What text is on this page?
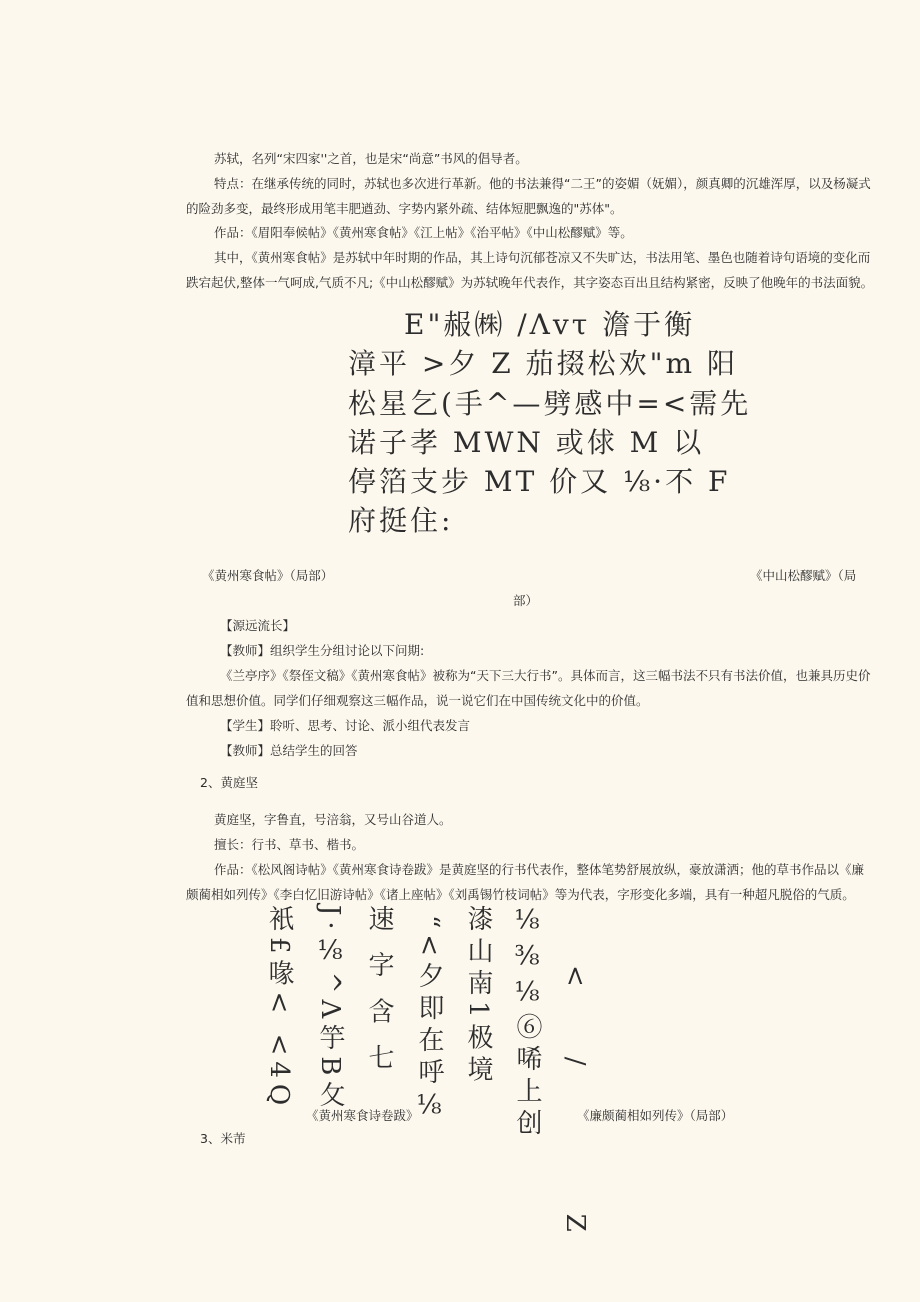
苏轼，名列“宋四家''之首，也是宋“尚意”书风的倡导者。
特点：在继承传统的同时，苏轼也多次进行革新。他的书法兼得“二王”的姿媚（妩媚），颜真卿的沉雄浑厚，以及杨凝式的险劲多变，最终形成用笔丰肥遒劲、字势内紧外疏、结体短肥飘逸的"苏体"。
作品：《眉阳奉候帖》《黄州寒食帖》《江上帖》《治平帖》《中山松醪赋》等。
其中，《黄州寒食帖》是苏轼中年时期的作品，其上诗句沉郁苍凉又不失旷达，书法用笔、墨色也随着诗句语境的变化而跌宕起伏,整体一气呵成,气质不凡;《中山松醪赋》为苏轼晚年代表作，其字姿态百出且结构紧密，反映了他晚年的书法面貌。
E"赧㈱ /Λvτ 澹于衡
漳平 >夕 Z 茄掇松欢"m 阳
松星乞(手^—劈感中=<需先
诺子孝 MWN 或俅 M 以
停箔支步 MT 价又 ⅛·不 F
府挺住:
《黄州寒食帖》（局部）	《中山松醪赋》（局
部）
【源远流长】
【教师】组织学生分组讨论以下问期:
《兰亭序》《祭侄文稿》《黄州寒食帖》被称为“天下三大行书”。具体而言，这三幅书法不只有书法价值，也兼具历史价值和思想价值。同学们仔细观察这三幅作品，说一说它们在中国传统文化中的价值。
【学生】聆听、思考、讨论、派小组代表发言
【教师】总结学生的回答
2、黄庭坚
黄庭坚，字鲁直，号涪翁，又号山谷道人。
擅长：行书、草书、楷书。
作品：《松风阁诗帖》《黄州寒食诗卷跋》是黄庭坚的行书代表作，整体笔势舒展放纵，豪放潇洒；他的草书作品以《廉颇蔺相如列传》《李白忆旧游诗帖》《诸上座帖》《刘禹锡竹枝词帖》等为代表，字形变化多端，具有一种超凡脱俗的气质。
衹£喙< <4Q J·⅛^Λ竽B攵 速 字 含 七 “<夕即在呼⅛ 漆山南1极境 ⅛⅜⅛⑥唏上创 </ Z
《黄州寒食诗卷跋》	《廉颇蔺相如列传》（局部）
3、米芾
